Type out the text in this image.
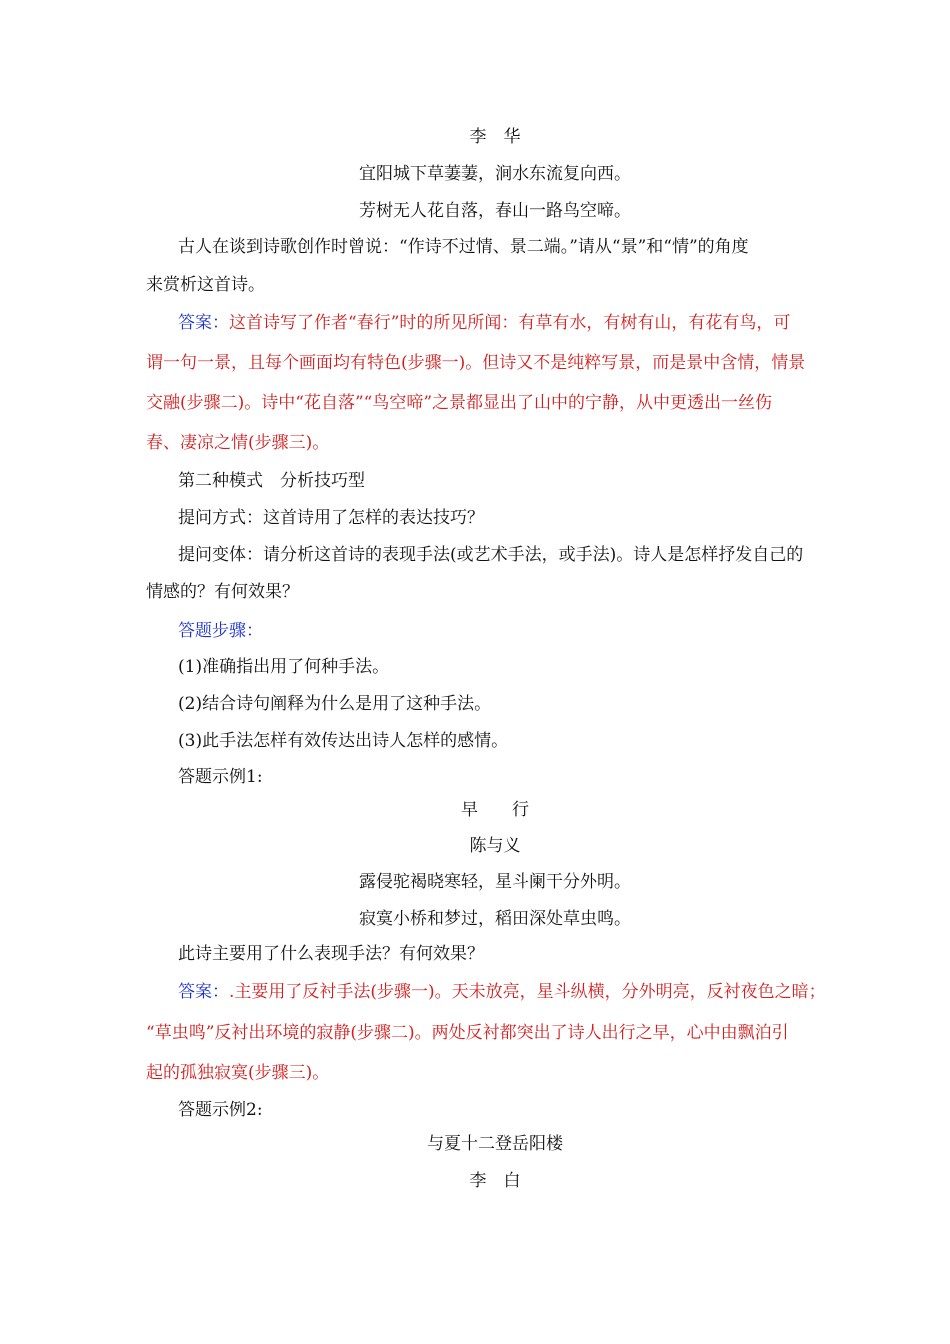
李　华
宜阳城下草萋萋，涧水东流复向西。
芳树无人花自落，春山一路鸟空啼。
古人在谈到诗歌创作时曾说：“作诗不过情、景二端。”请从“景”和“情”的角度
来赏析这首诗。
答案：这首诗写了作者“春行”时的所见所闻：有草有水，有树有山，有花有鸟，可
谓一句一景，且每个画面均有特色(步骤一)。但诗又不是纯粹写景，而是景中含情，情景
交融(步骤二)。诗中“花自落”“鸟空啼”之景都显出了山中的宁静，从中更透出一丝伤
春、凄凉之情(步骤三)。
第二种模式　分析技巧型
提问方式：这首诗用了怎样的表达技巧？
提问变体：请分析这首诗的表现手法(或艺术手法，或手法)。诗人是怎样抒发自己的
情感的？有何效果？
答题步骤：
(1)准确指出用了何种手法。
(2)结合诗句阐释为什么是用了这种手法。
(3)此手法怎样有效传达出诗人怎样的感情。
答题示例1:
早　　行
陈与义
露侵驼褐晓寒轻，星斗阑干分外明。
寂寞小桥和梦过，稻田深处草虫鸣。
此诗主要用了什么表现手法？有何效果？
答案：.主要用了反衬手法(步骤一)。天未放亮，星斗纵横，分外明亮，反衬夜色之暗；
“草虫鸣”反衬出环境的寂静(步骤二)。两处反衬都突出了诗人出行之早，心中由飘泊引
起的孤独寂寞(步骤三)。
答题示例2:
与夏十二登岳阳楼
李　白
